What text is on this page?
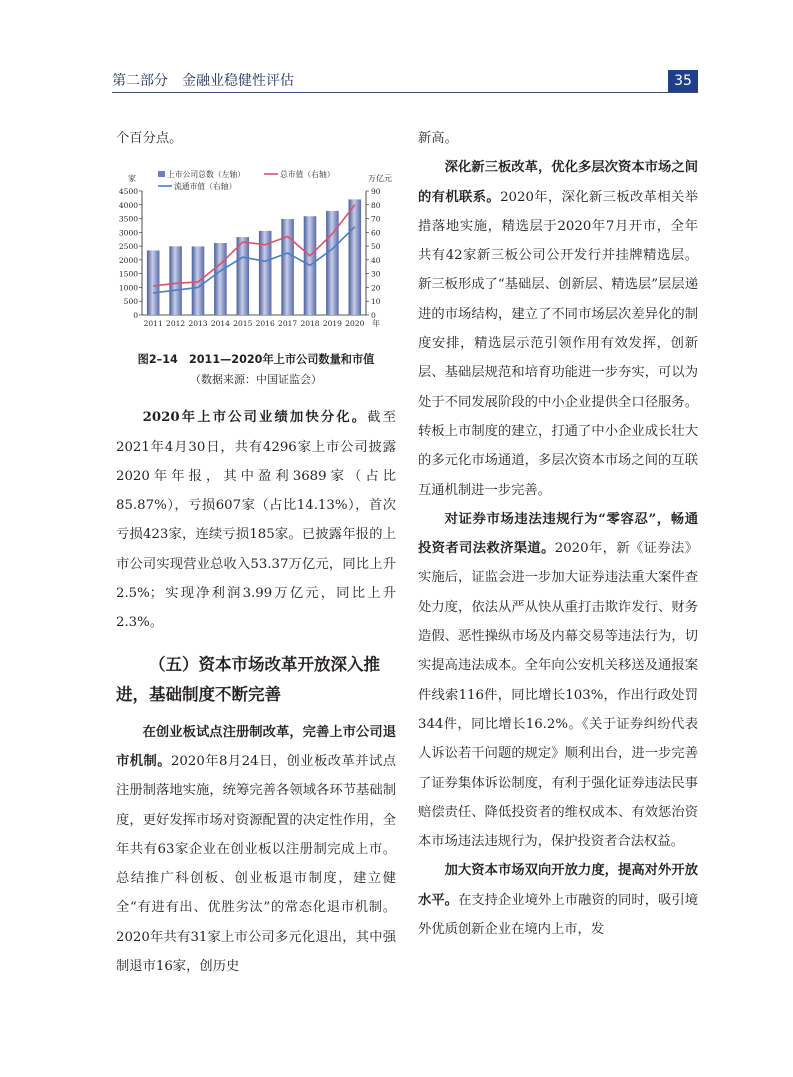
第二部分　金融业稳健性评估	35

个百分点。

0
500
1000
1500
2000
2500
3000
3500
4000
4500
0
10
20
30
40
50
60
70
80
90
家	万亿元
2011 2012 2013 2014 2015 2016 2017 2018 2019 2020 年
上市公司总数（左轴）	总市值（右轴）
流通市值（右轴）
图2–14　2011—2020年上市公司数量和市值
（数据来源：中国证监会）

2020年上市公司业绩加快分化。截至2021年4月30日，共有4296家上市公司披露2020年年报，其中盈利3689家（占比85.87%），亏损607家（占比14.13%），首次亏损423家，连续亏损185家。已披露年报的上市公司实现营业总收入53.37万亿元，同比上升2.5%；实现净利润3.99万亿元，同比上升2.3%。

（五）资本市场改革开放深入推进，基础制度不断完善

在创业板试点注册制改革，完善上市公司退市机制。2020年8月24日，创业板改革并试点注册制落地实施，统筹完善各领域各环节基础制度，更好发挥市场对资源配置的决定性作用，全年共有63家企业在创业板以注册制完成上市。总结推广科创板、创业板退市制度，建立健全“有进有出、优胜劣汰”的常态化退市机制。2020年共有31家上市公司多元化退出，其中强制退市16家，创历史

新高。

深化新三板改革，优化多层次资本市场之间的有机联系。2020年，深化新三板改革相关举措落地实施，精选层于2020年7月开市，全年共有42家新三板公司公开发行并挂牌精选层。新三板形成了“基础层、创新层、精选层”层层递进的市场结构，建立了不同市场层次差异化的制度安排，精选层示范引领作用有效发挥，创新层、基础层规范和培育功能进一步夯实，可以为处于不同发展阶段的中小企业提供全口径服务。转板上市制度的建立，打通了中小企业成长壮大的多元化市场通道，多层次资本市场之间的互联互通机制进一步完善。

对证券市场违法违规行为“零容忍”，畅通投资者司法救济渠道。2020年，新《证券法》实施后，证监会进一步加大证券违法重大案件查处力度，依法从严从快从重打击欺诈发行、财务造假、恶性操纵市场及内幕交易等违法行为，切实提高违法成本。全年向公安机关移送及通报案件线索116件，同比增长103%，作出行政处罚344件，同比增长16.2%。《关于证券纠纷代表人诉讼若干问题的规定》顺利出台，进一步完善了证券集体诉讼制度，有利于强化证券违法民事赔偿责任、降低投资者的维权成本、有效惩治资本市场违法违规行为，保护投资者合法权益。

加大资本市场双向开放力度，提高对外开放水平。在支持企业境外上市融资的同时，吸引境外优质创新企业在境内上市，发
